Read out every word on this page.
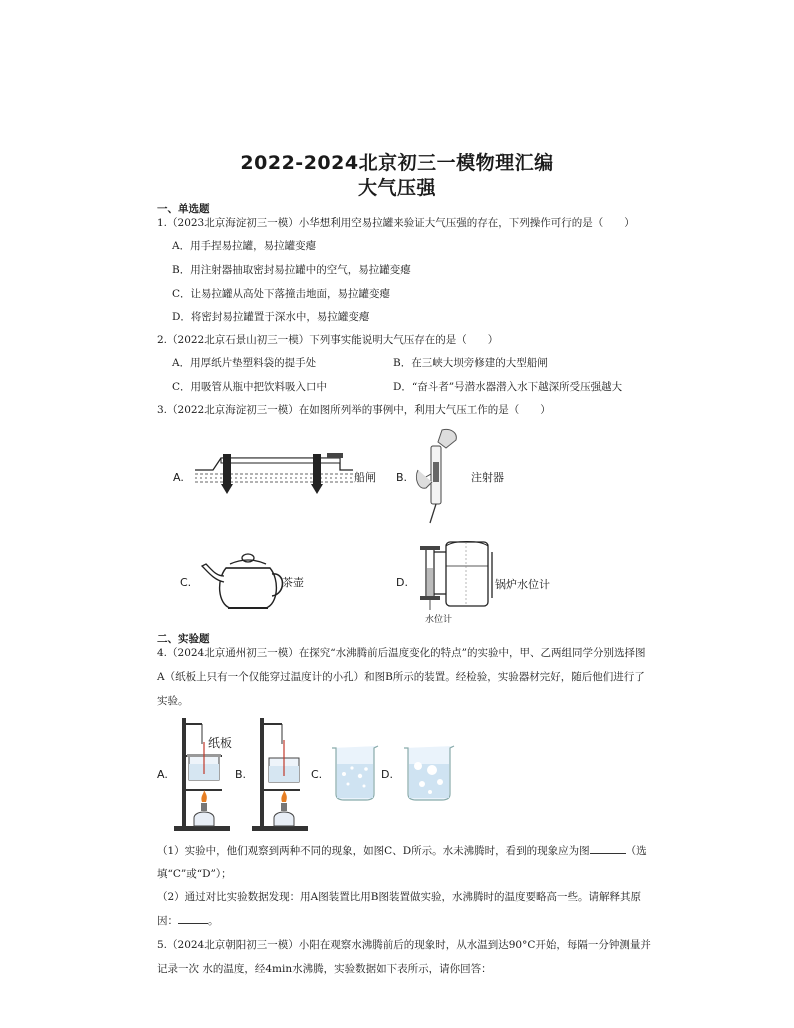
2022-2024北京初三一模物理汇编
大气压强
一、单选题
1.（2023北京海淀初三一模）小华想利用空易拉罐来验证大气压强的存在，下列操作可行的是（　　）
A．用手捏易拉罐，易拉罐变瘪
B．用注射器抽取密封易拉罐中的空气，易拉罐变瘪
C．让易拉罐从高处下落撞击地面，易拉罐变瘪
D．将密封易拉罐置于深水中，易拉罐变瘪
2.（2022北京石景山初三一模）下列事实能说明大气压存在的是（　　）
A．用厚纸片垫塑料袋的提手处	B．在三峡大坝旁修建的大型船闸
C．用吸管从瓶中把饮料吸入口中	D．“奋斗者”号潜水器潜入水下越深所受压强越大
3.（2022北京海淀初三一模）在如图所列举的事例中，利用大气压工作的是（　　）
A.	船闸 B.	注射器
C.	茶壶	D.	锅炉水位计
水位计
二、实验题
4.（2024北京通州初三一模）在探究“水沸腾前后温度变化的特点”的实验中，甲、乙两组同学分别选择图
A（纸板上只有一个仅能穿过温度计的小孔）和图B所示的装置。经检验，实验器材完好，随后他们进行了
实验。
A.
纸板
B.	C.	D.
（1）实验中，他们观察到两种不同的现象，如图C、D所示。水未沸腾时，看到的现象应为图	（选
填“C”或“D”）；
（2）通过对比实验数据发现：用A图装置比用B图装置做实验，水沸腾时的温度要略高一些。请解释其原
因：	。
5.（2024北京朝阳初三一模）小阳在观察水沸腾前后的现象时，从水温到达90°C开始，每隔一分钟测量并
记录一次 水的温度，经4min水沸腾，实验数据如下表所示，请你回答：
